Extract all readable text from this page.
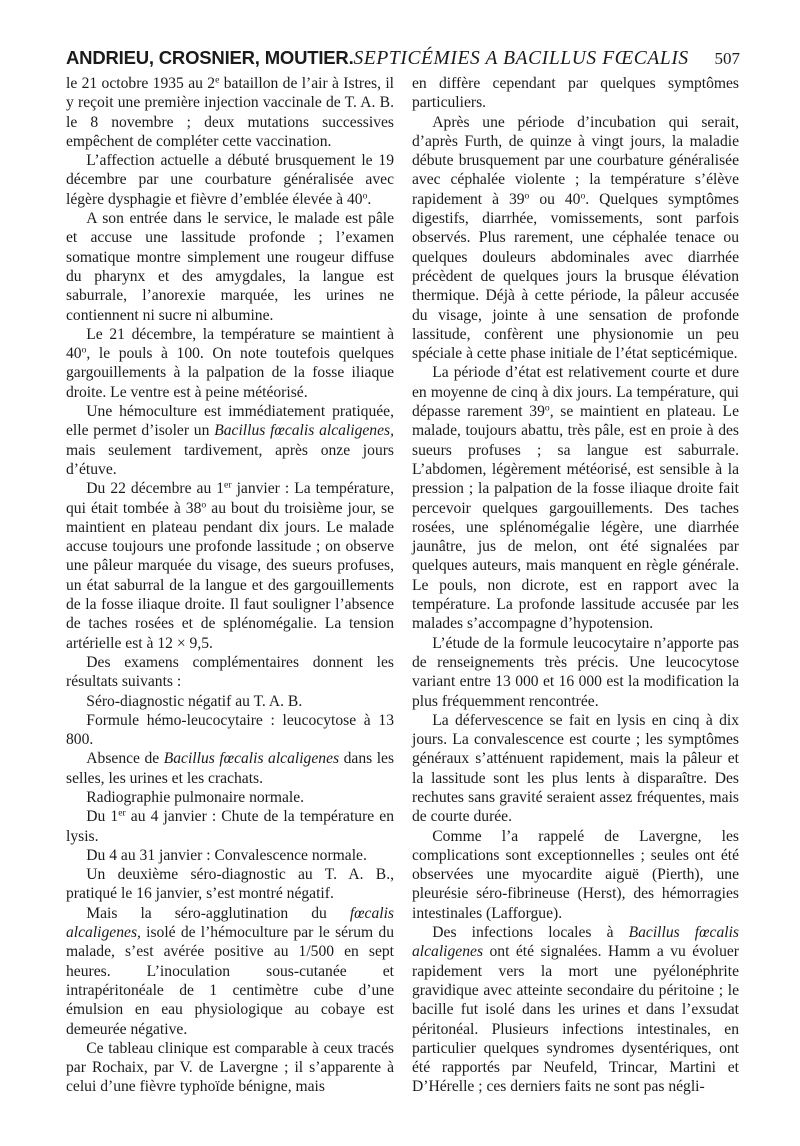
ANDRIEU, CROSNIER, MOUTIER. SEPTICÉMIES A BACILLUS FŒCALIS 507

le 21 octobre 1935 au 2e bataillon de l’air à Istres, il y reçoit une première injection vaccinale de T. A. B. le 8 novembre ; deux mutations successives empêchent de compléter cette vaccination.

L’affection actuelle a débuté brusquement le 19 décembre par une courbature généralisée avec légère dysphagie et fièvre d’emblée élevée à 40$^o$.

A son entrée dans le service, le malade est pâle et accuse une lassitude profonde ; l’examen somatique montre simplement une rougeur diffuse du pharynx et des amygdales, la langue est saburrale, l’anorexie marquée, les urines ne contiennent ni sucre ni albumine.

Le 21 décembre, la température se maintient à 40$^o$, le pouls à 100. On note toutefois quelques gargouillements à la palpation de la fosse iliaque droite. Le ventre est à peine météorisé.

Une hémoculture est immédiatement pratiquée, elle permet d’isoler un Bacillus fœcalis alcaligenes, mais seulement tardivement, après onze jours d’étuve.

Du 22 décembre au 1er janvier : La température, qui était tombée à 38$^o$ au bout du troisième jour, se maintient en plateau pendant dix jours. Le malade accuse toujours une profonde lassitude ; on observe une pâleur marquée du visage, des sueurs profuses, un état saburral de la langue et des gargouillements de la fosse iliaque droite. Il faut souligner l’absence de taches rosées et de splénomégalie. La tension artérielle est à 12 × 9,5.

Des examens complémentaires donnent les résultats suivants :

Séro-diagnostic négatif au T. A. B.

Formule hémo-leucocytaire : leucocytose à 13 800.

Absence de Bacillus fœcalis alcaligenes dans les selles, les urines et les crachats.

Radiographie pulmonaire normale.

Du 1er au 4 janvier : Chute de la température en lysis.

Du 4 au 31 janvier : Convalescence normale.

Un deuxième séro-diagnostic au T. A. B., pratiqué le 16 janvier, s’est montré négatif.

Mais la séro-agglutination du fœcalis alcaligenes, isolé de l’hémoculture par le sérum du malade, s’est avérée positive au 1/500 en sept heures. L’inoculation sous-cutanée et intrapéritonéale de 1 centimètre cube d’une émulsion en eau physiologique au cobaye est demeurée négative.

Ce tableau clinique est comparable à ceux tracés par Rochaix, par V. de Lavergne ; il s’apparente à celui d’une fièvre typhoïde bénigne, mais

en diffère cependant par quelques symptômes particuliers.

Après une période d’incubation qui serait, d’après Furth, de quinze à vingt jours, la maladie débute brusquement par une courbature généralisée avec céphalée violente ; la température s’élève rapidement à 39$^o$ ou 40$^o$. Quelques symptômes digestifs, diarrhée, vomissements, sont parfois observés. Plus rarement, une céphalée tenace ou quelques douleurs abdominales avec diarrhée précèdent de quelques jours la brusque élévation thermique. Déjà à cette période, la pâleur accusée du visage, jointe à une sensation de profonde lassitude, confèrent une physionomie un peu spéciale à cette phase initiale de l’état septicémique.

La période d’état est relativement courte et dure en moyenne de cinq à dix jours. La température, qui dépasse rarement 39$^o$, se maintient en plateau. Le malade, toujours abattu, très pâle, est en proie à des sueurs profuses ; sa langue est saburrale. L’abdomen, légèrement météorisé, est sensible à la pression ; la palpation de la fosse iliaque droite fait percevoir quelques gargouillements. Des taches rosées, une splénomégalie légère, une diarrhée jaunâtre, jus de melon, ont été signalées par quelques auteurs, mais manquent en règle générale. Le pouls, non dicrote, est en rapport avec la température. La profonde lassitude accusée par les malades s’accompagne d’hypotension.

L’étude de la formule leucocytaire n’apporte pas de renseignements très précis. Une leucocytose variant entre 13 000 et 16 000 est la modification la plus fréquemment rencontrée.

La défervescence se fait en lysis en cinq à dix jours. La convalescence est courte ; les symptômes généraux s’atténuent rapidement, mais la pâleur et la lassitude sont les plus lents à disparaître. Des rechutes sans gravité seraient assez fréquentes, mais de courte durée.

Comme l’a rappelé de Lavergne, les complications sont exceptionnelles ; seules ont été observées une myocardite aiguë (Pierth), une pleurésie séro-fibrineuse (Herst), des hémorragies intestinales (Lafforgue).

Des infections locales à Bacillus fœcalis alcaligenes ont été signalées. Hamm a vu évoluer rapidement vers la mort une pyélonéphrite gravidique avec atteinte secondaire du péritoine ; le bacille fut isolé dans les urines et dans l’exsudat péritonéal. Plusieurs infections intestinales, en particulier quelques syndromes dysentériques, ont été rapportés par Neufeld, Trincar, Martini et D’Hérelle ; ces derniers faits ne sont pas négli-
